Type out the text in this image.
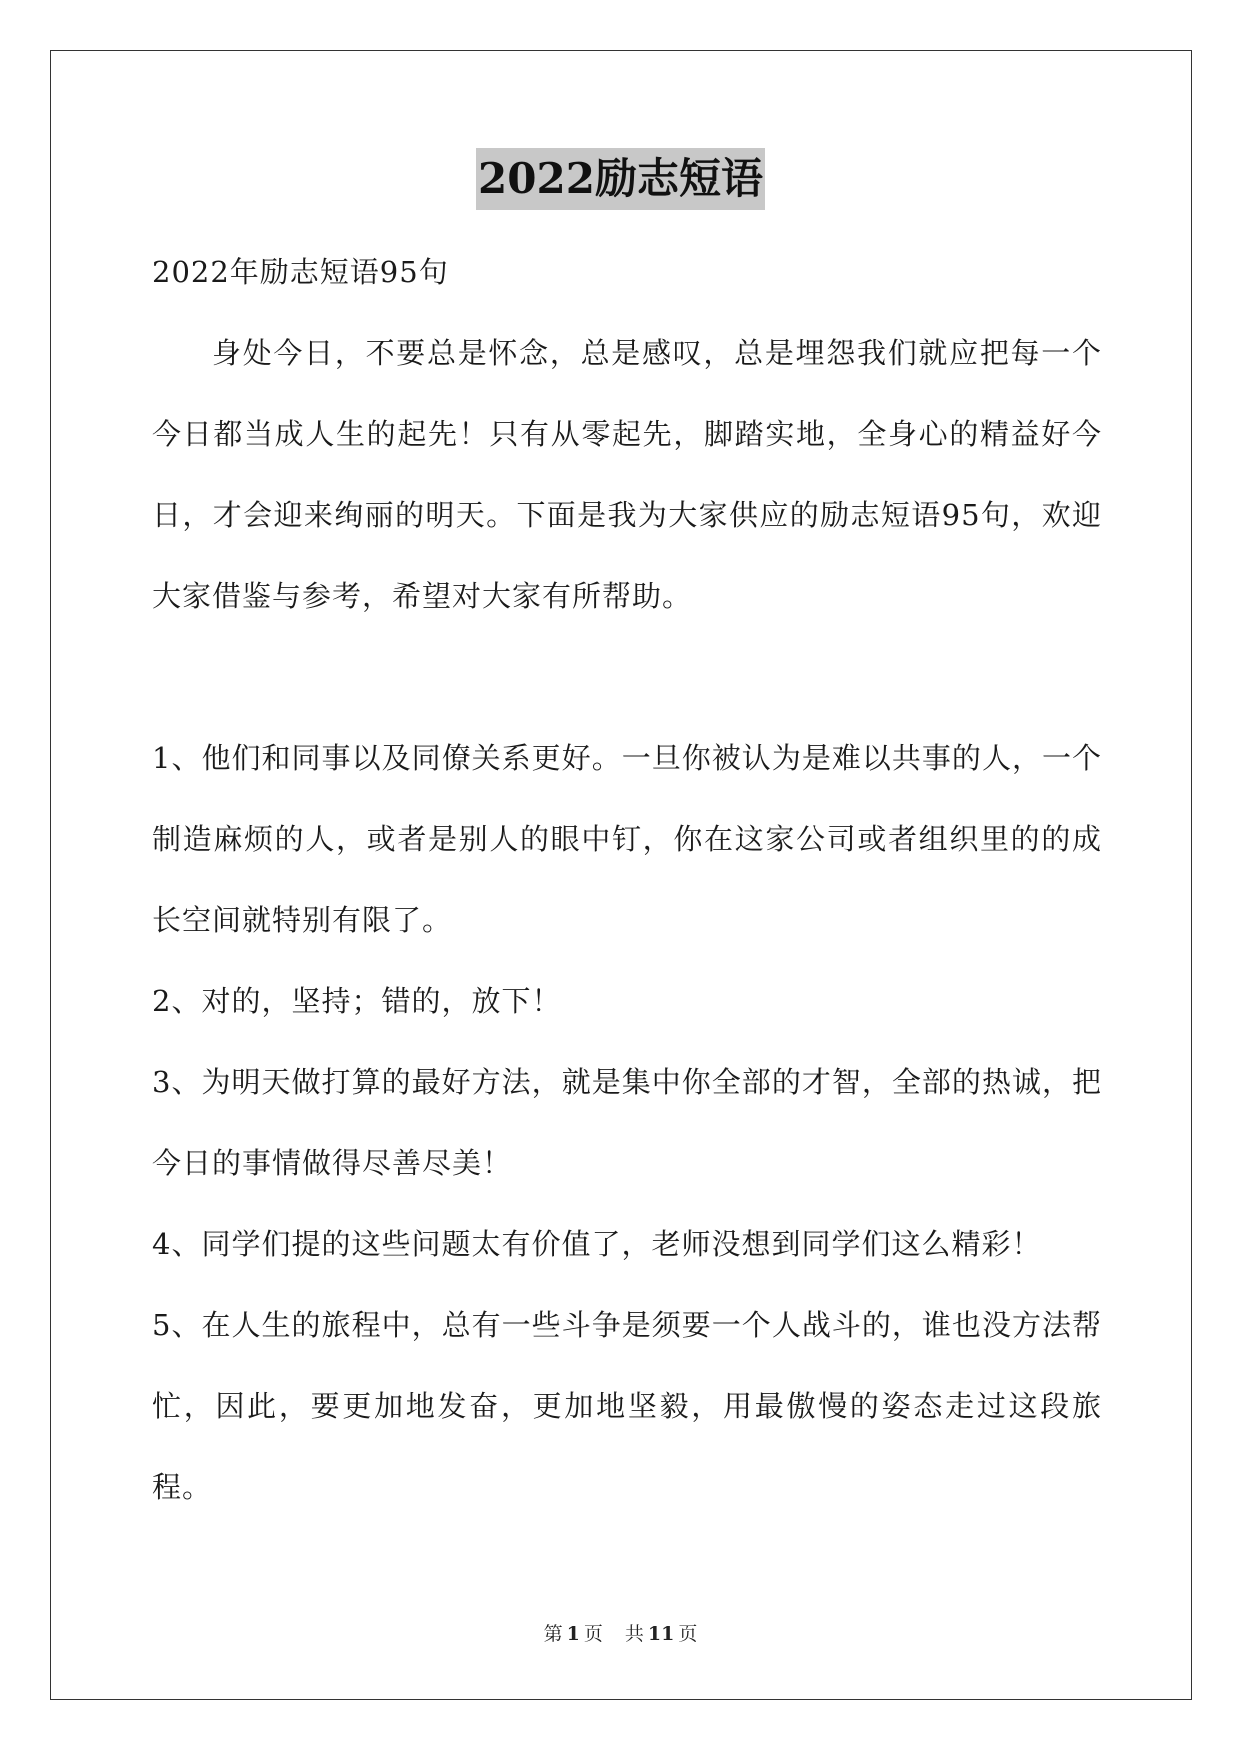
2022励志短语

2022年励志短语95句

身处今日，不要总是怀念，总是感叹，总是埋怨我们就应把每一个今日都当成人生的起先！只有从零起先，脚踏实地，全身心的精益好今日，才会迎来绚丽的明天。下面是我为大家供应的励志短语95句，欢迎大家借鉴与参考，希望对大家有所帮助。

1、他们和同事以及同僚关系更好。一旦你被认为是难以共事的人，一个制造麻烦的人，或者是别人的眼中钉，你在这家公司或者组织里的的成长空间就特别有限了。

2、对的，坚持；错的，放下！

3、为明天做打算的最好方法，就是集中你全部的才智，全部的热诚，把今日的事情做得尽善尽美！

4、同学们提的这些问题太有价值了，老师没想到同学们这么精彩！

5、在人生的旅程中，总有一些斗争是须要一个人战斗的，谁也没方法帮忙，因此，要更加地发奋，更加地坚毅，用最傲慢的姿态走过这段旅程。

第 1 页 共 11 页
